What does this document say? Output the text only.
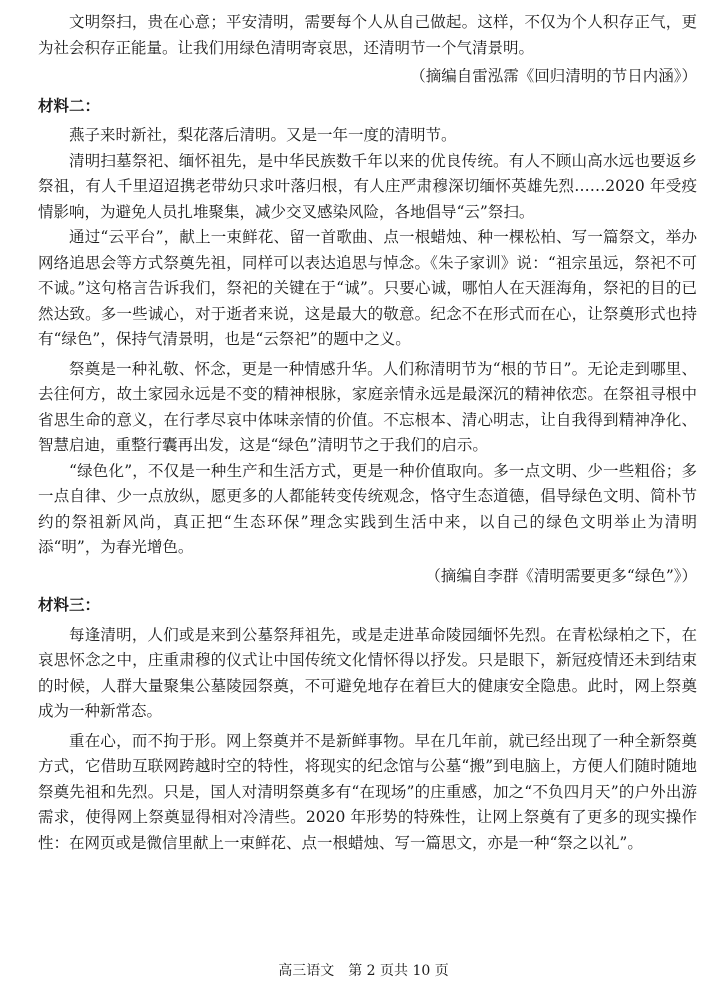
文明祭扫，贵在心意；平安清明，需要每个人从自己做起。这样，不仅为个人积存正气，更为社会积存正能量。让我们用绿色清明寄哀思，还清明节一个气清景明。

（摘编自雷泓霈《回归清明的节日内涵》）

材料二：

燕子来时新社，梨花落后清明。又是一年一度的清明节。

清明扫墓祭祀、缅怀祖先，是中华民族数千年以来的优良传统。有人不顾山高水远也要返乡祭祖，有人千里迢迢携老带幼只求叶落归根，有人庄严肃穆深切缅怀英雄先烈……2020 年受疫情影响，为避免人员扎堆聚集，减少交叉感染风险，各地倡导“云”祭扫。

通过“云平台”，献上一束鲜花、留一首歌曲、点一根蜡烛、种一棵松柏、写一篇祭文，举办网络追思会等方式祭奠先祖，同样可以表达追思与悼念。《朱子家训》说：“祖宗虽远，祭祀不可不诚。”这句格言告诉我们，祭祀的关键在于“诚”。只要心诚，哪怕人在天涯海角，祭祀的目的已然达致。多一些诚心，对于逝者来说，这是最大的敬意。纪念不在形式而在心，让祭奠形式也持有“绿色”，保持气清景明，也是“云祭祀”的题中之义。

祭奠是一种礼敬、怀念，更是一种情感升华。人们称清明节为“根的节日”。无论走到哪里、去往何方，故土家园永远是不变的精神根脉，家庭亲情永远是最深沉的精神依恋。在祭祖寻根中省思生命的意义，在行孝尽哀中体味亲情的价值。不忘根本、清心明志，让自我得到精神净化、智慧启迪，重整行囊再出发，这是“绿色”清明节之于我们的启示。

“绿色化”，不仅是一种生产和生活方式，更是一种价值取向。多一点文明、少一些粗俗；多一点自律、少一点放纵，愿更多的人都能转变传统观念，恪守生态道德，倡导绿色文明、简朴节约的祭祖新风尚，真正把“生态环保”理念实践到生活中来，以自己的绿色文明举止为清明添“明”，为春光增色。

（摘编自李群《清明需要更多“绿色”》）

材料三：

每逢清明，人们或是来到公墓祭拜祖先，或是走进革命陵园缅怀先烈。在青松绿柏之下，在哀思怀念之中，庄重肃穆的仪式让中国传统文化情怀得以抒发。只是眼下，新冠疫情还未到结束的时候，人群大量聚集公墓陵园祭奠，不可避免地存在着巨大的健康安全隐患。此时，网上祭奠成为一种新常态。

重在心，而不拘于形。网上祭奠并不是新鲜事物。早在几年前，就已经出现了一种全新祭奠方式，它借助互联网跨越时空的特性，将现实的纪念馆与公墓“搬”到电脑上，方便人们随时随地祭奠先祖和先烈。只是，国人对清明祭奠多有“在现场”的庄重感，加之“不负四月天”的户外出游需求，使得网上祭奠显得相对冷清些。2020 年形势的特殊性，让网上祭奠有了更多的现实操作性：在网页或是微信里献上一束鲜花、点一根蜡烛、写一篇思文，亦是一种“祭之以礼”。

高三语文　第 2 页共 10 页
